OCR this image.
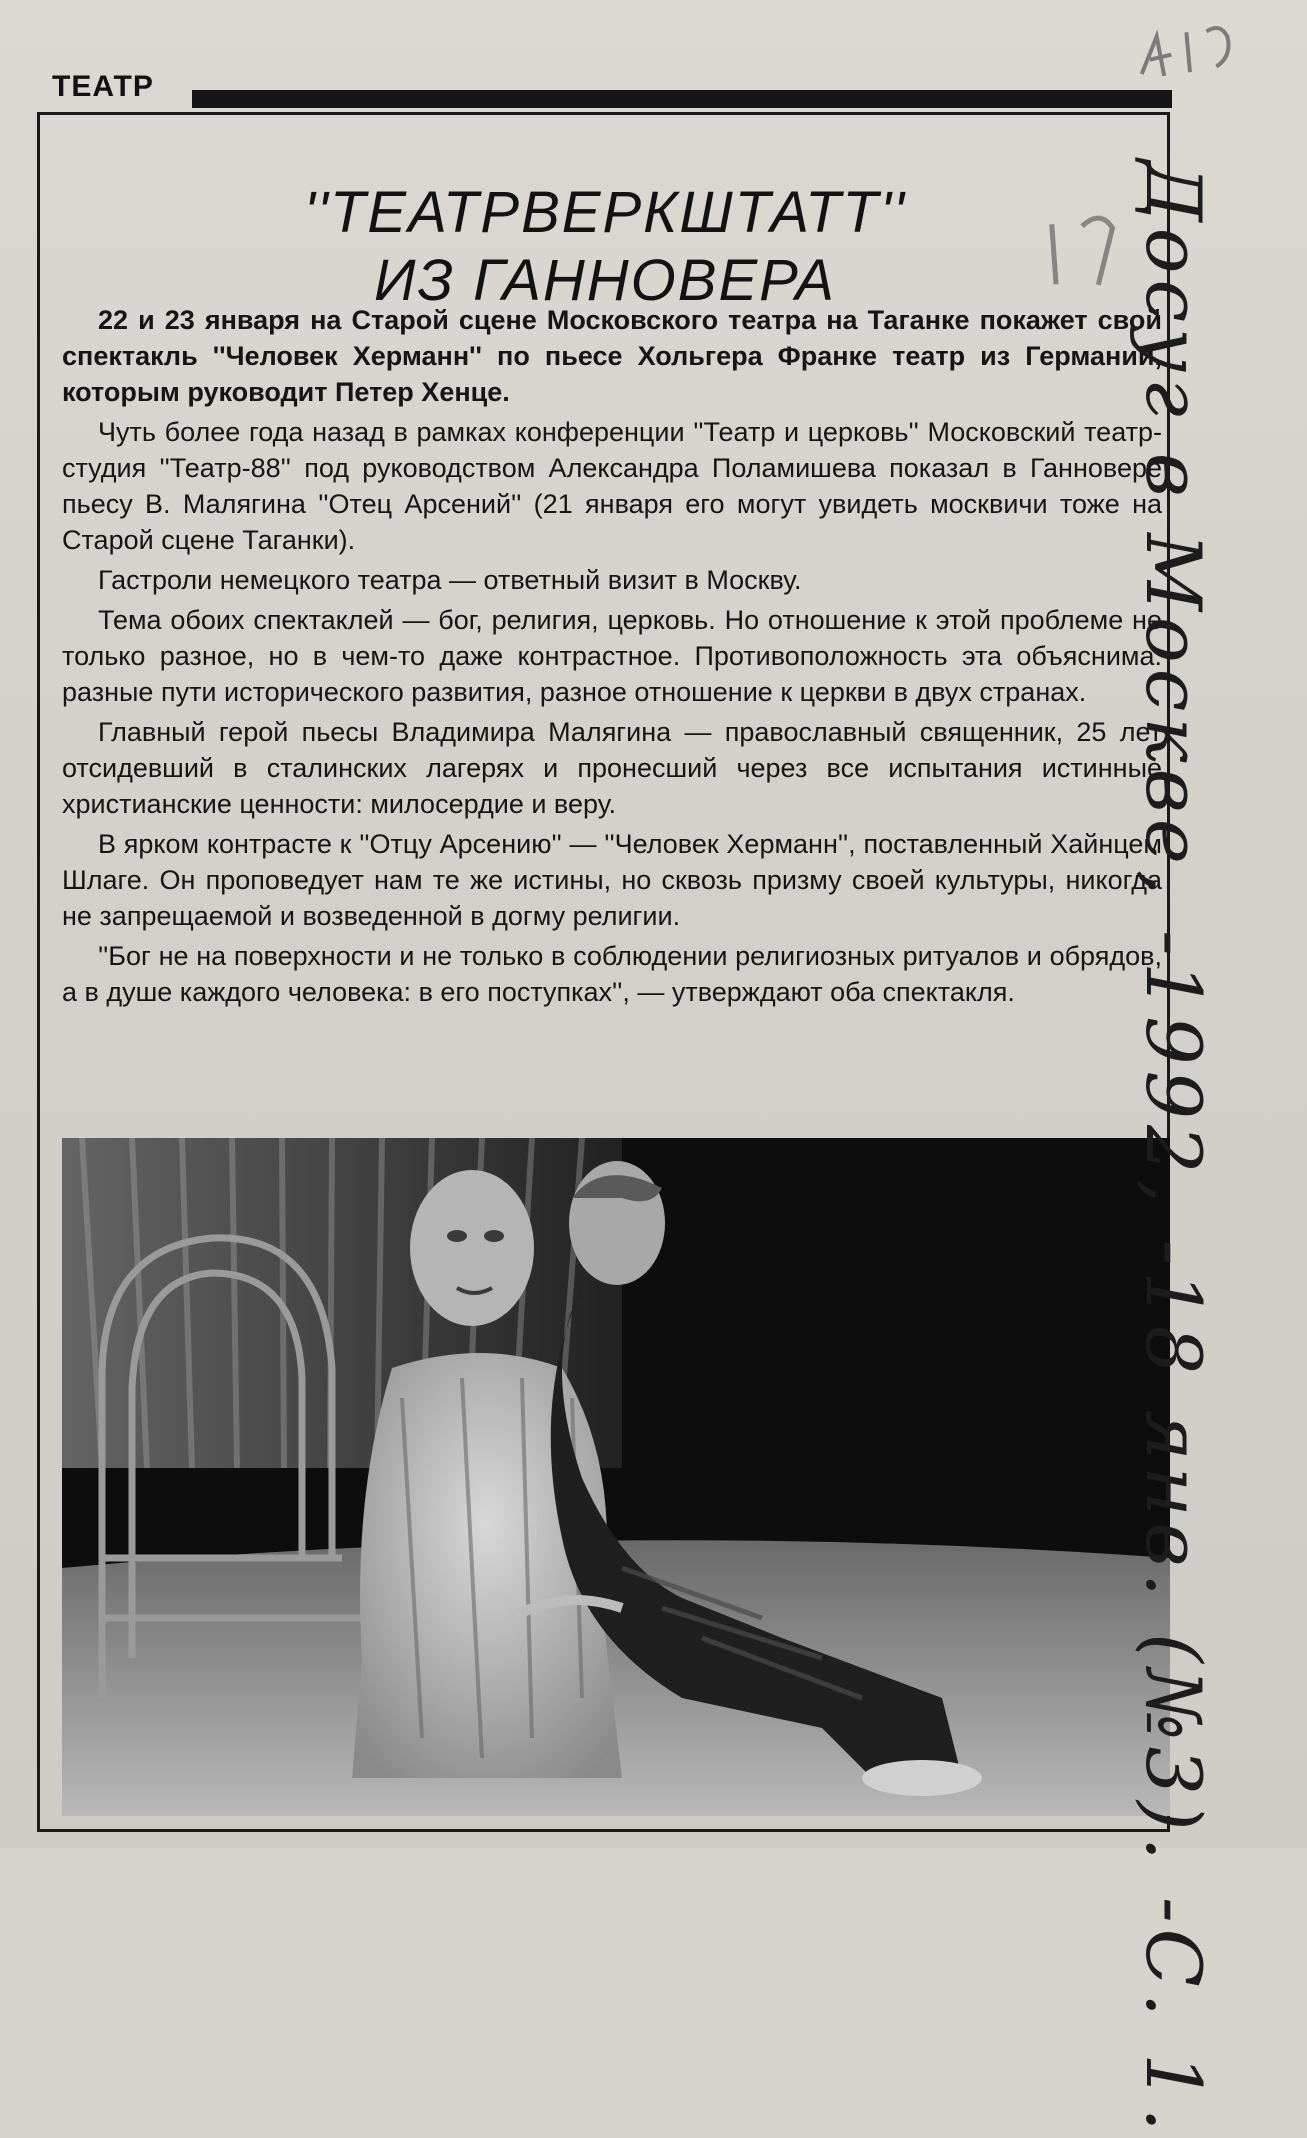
ТЕАТР
''ТЕАТРВЕРКШТАТТ''
ИЗ ГАННОВЕРА

22 и 23 января на Старой сцене Московского театра на Таганке покажет свой спектакль ''Человек Херманн'' по пьесе Хольгера Франке театр из Германии, которым руководит Петер Хенце.

Чуть более года назад в рамках конференции ''Театр и церковь'' Московский театр-студия ''Театр-88'' под руководством Александра Поламишева показал в Ганновере пьесу В. Малягина ''Отец Арсений'' (21 января его могут увидеть москвичи тоже на Старой сцене Таганки).

Гастроли немецкого театра — ответный визит в Москву.

Тема обоих спектаклей — бог, религия, церковь. Но отношение к этой проблеме не только разное, но в чем-то даже контрастное. Противоположность эта объяснима: разные пути исторического развития, разное отношение к церкви в двух странах.

Главный герой пьесы Владимира Малягина — православный священник, 25 лет отсидевший в сталинских лагерях и пронесший через все испытания истинные христианские ценности: милосердие и веру.

В ярком контрасте к ''Отцу Арсению'' — ''Человек Херманн'', поставленный Хайнцем Шлаге. Он проповедует нам те же истины, но сквозь призму своей культуры, никогда не запрещаемой и возведенной в догму религии.

''Бог не на поверхности и не только в соблюдении религиозных ритуалов и обрядов, а в душе каждого человека: в его поступках'', — утверждают оба спектакля.	Досуг в Москве, -1992, -18 янв. (№3). -С. 1.
